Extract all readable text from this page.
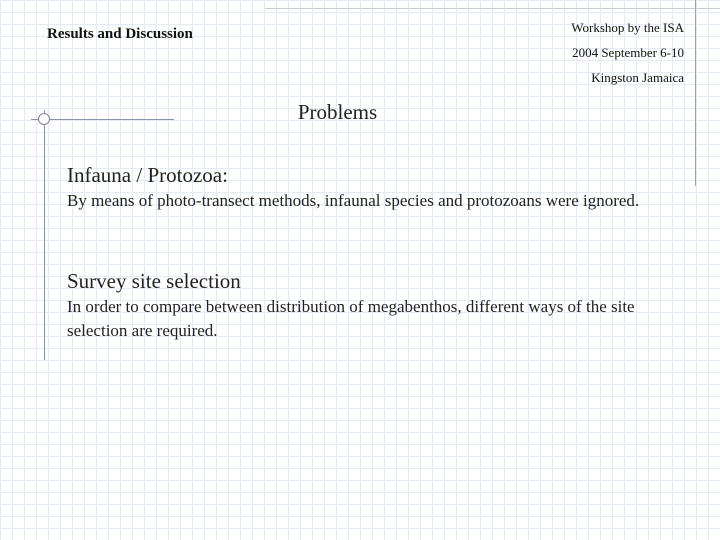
Results and Discussion	Workshop by the ISA
2004 September 6-10
Kingston Jamaica
Problems
Infauna / Protozoa:
By means of photo-transect methods, infaunal species and protozoans were ignored.
Survey site selection
In order to compare between distribution of megabenthos, different ways of the site selection are required.
